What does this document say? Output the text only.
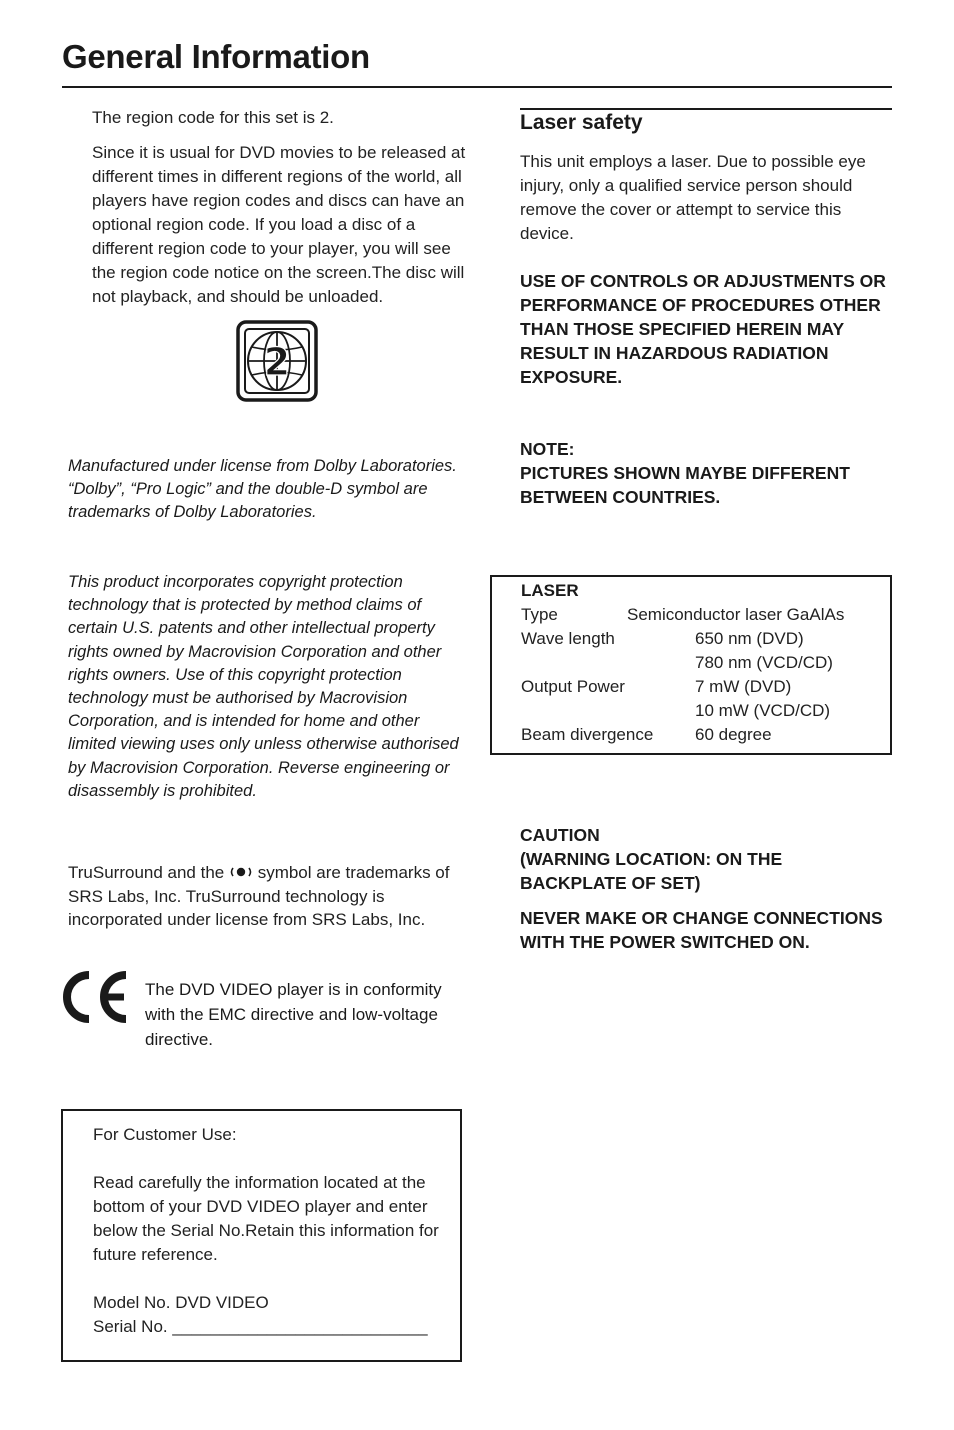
General Information

The region code for this set is 2.

Since it is usual for DVD movies to be released at different times in different regions of the world, all players have region codes and discs can have an optional region code. If you load a disc of a different region code to your player, you will see the region code notice on the screen.The disc will not playback, and should be unloaded.

2

Manufactured under license from Dolby Laboratories. “Dolby”, “Pro Logic” and the double-D symbol are trademarks of Dolby Laboratories.

This product incorporates copyright protection technology that is protected by method claims of certain U.S. patents and other intellectual property rights owned by Macrovision Corporation and other rights owners. Use of this copyright protection technology must be authorised by Macrovision Corporation, and is intended for home and other limited viewing uses only unless otherwise authorised by Macrovision Corporation. Reverse engineering or disassembly is prohibited.

TruSurround and the  symbol are trademarks of SRS Labs, Inc. TruSurround technology is incorporated under license from SRS Labs, Inc.

The DVD VIDEO player is in conformity with the EMC directive and low-voltage directive.

For Customer Use:

Read carefully the information located at the bottom of your DVD VIDEO player and enter below the Serial No.Retain this information for future reference.

Model No. DVD VIDEO

Serial No. ___________________________

Laser safety

This unit employs a laser. Due to possible eye injury, only a qualified service person should remove the cover or attempt to service this device.

USE OF CONTROLS OR ADJUSTMENTS OR PERFORMANCE OF PROCEDURES OTHER THAN THOSE SPECIFIED HEREIN MAY RESULT IN HAZARDOUS RADIATION EXPOSURE.

NOTE:

PICTURES SHOWN MAYBE DIFFERENT BETWEEN COUNTRIES.

LASER
Type	Semiconductor laser GaAlAs
Wave length	650 nm (DVD)
780 nm (VCD/CD)
Output Power	7 mW (DVD)
10 mW (VCD/CD)
Beam divergence 60 degree

CAUTION

(WARNING LOCATION: ON THE BACKPLATE OF SET)

NEVER MAKE OR CHANGE CONNECTIONS WITH THE POWER SWITCHED ON.
